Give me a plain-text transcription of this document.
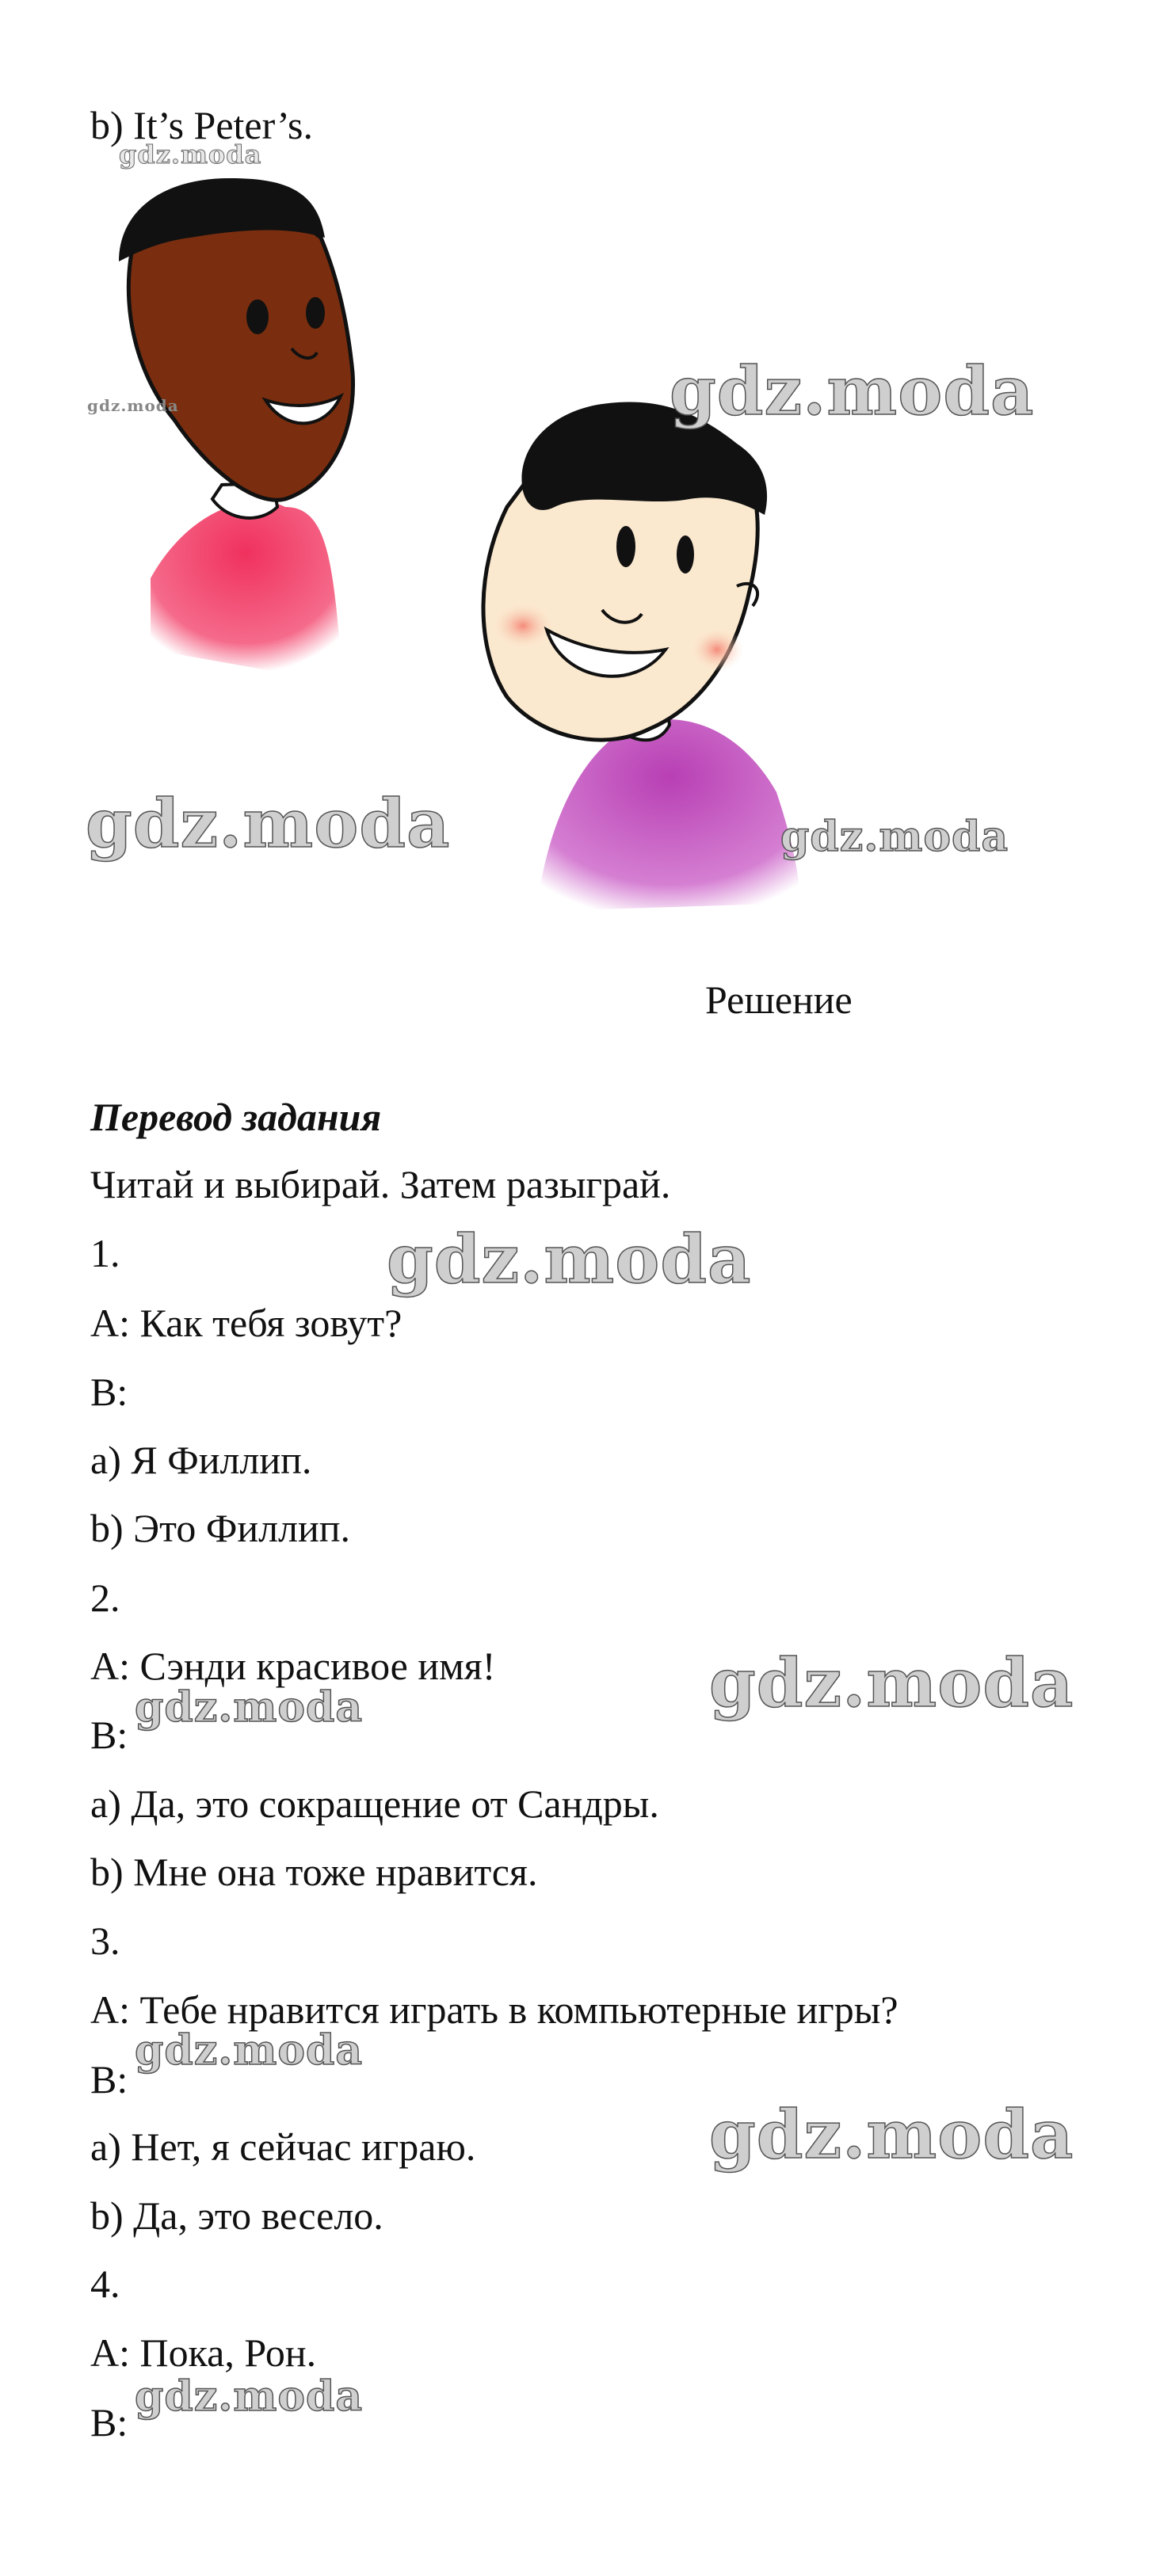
b) It’s Peter’s.
gdz.moda
gdz.moda	gdz.moda
gdz.moda	gdz.moda
Решение
Перевод задания
Читай и выбирай. Затем разыграй.
1.
A: Как тебя зовут?
B:
a) Я Филлип.
b) Это Филлип.
2.
A: Сэнди красивое имя!
B:
a) Да, это сокращение от Сандры.
b) Мне она тоже нравится.
3.
A: Тебе нравится играть в компьютерные игры?
B:
a) Нет, я сейчас играю.
b) Да, это весело.
4.
A: Пока, Рон.
B:
gdz.moda
gdz.moda
gdz.moda
gdz.moda
gdz.moda
gdz.moda
